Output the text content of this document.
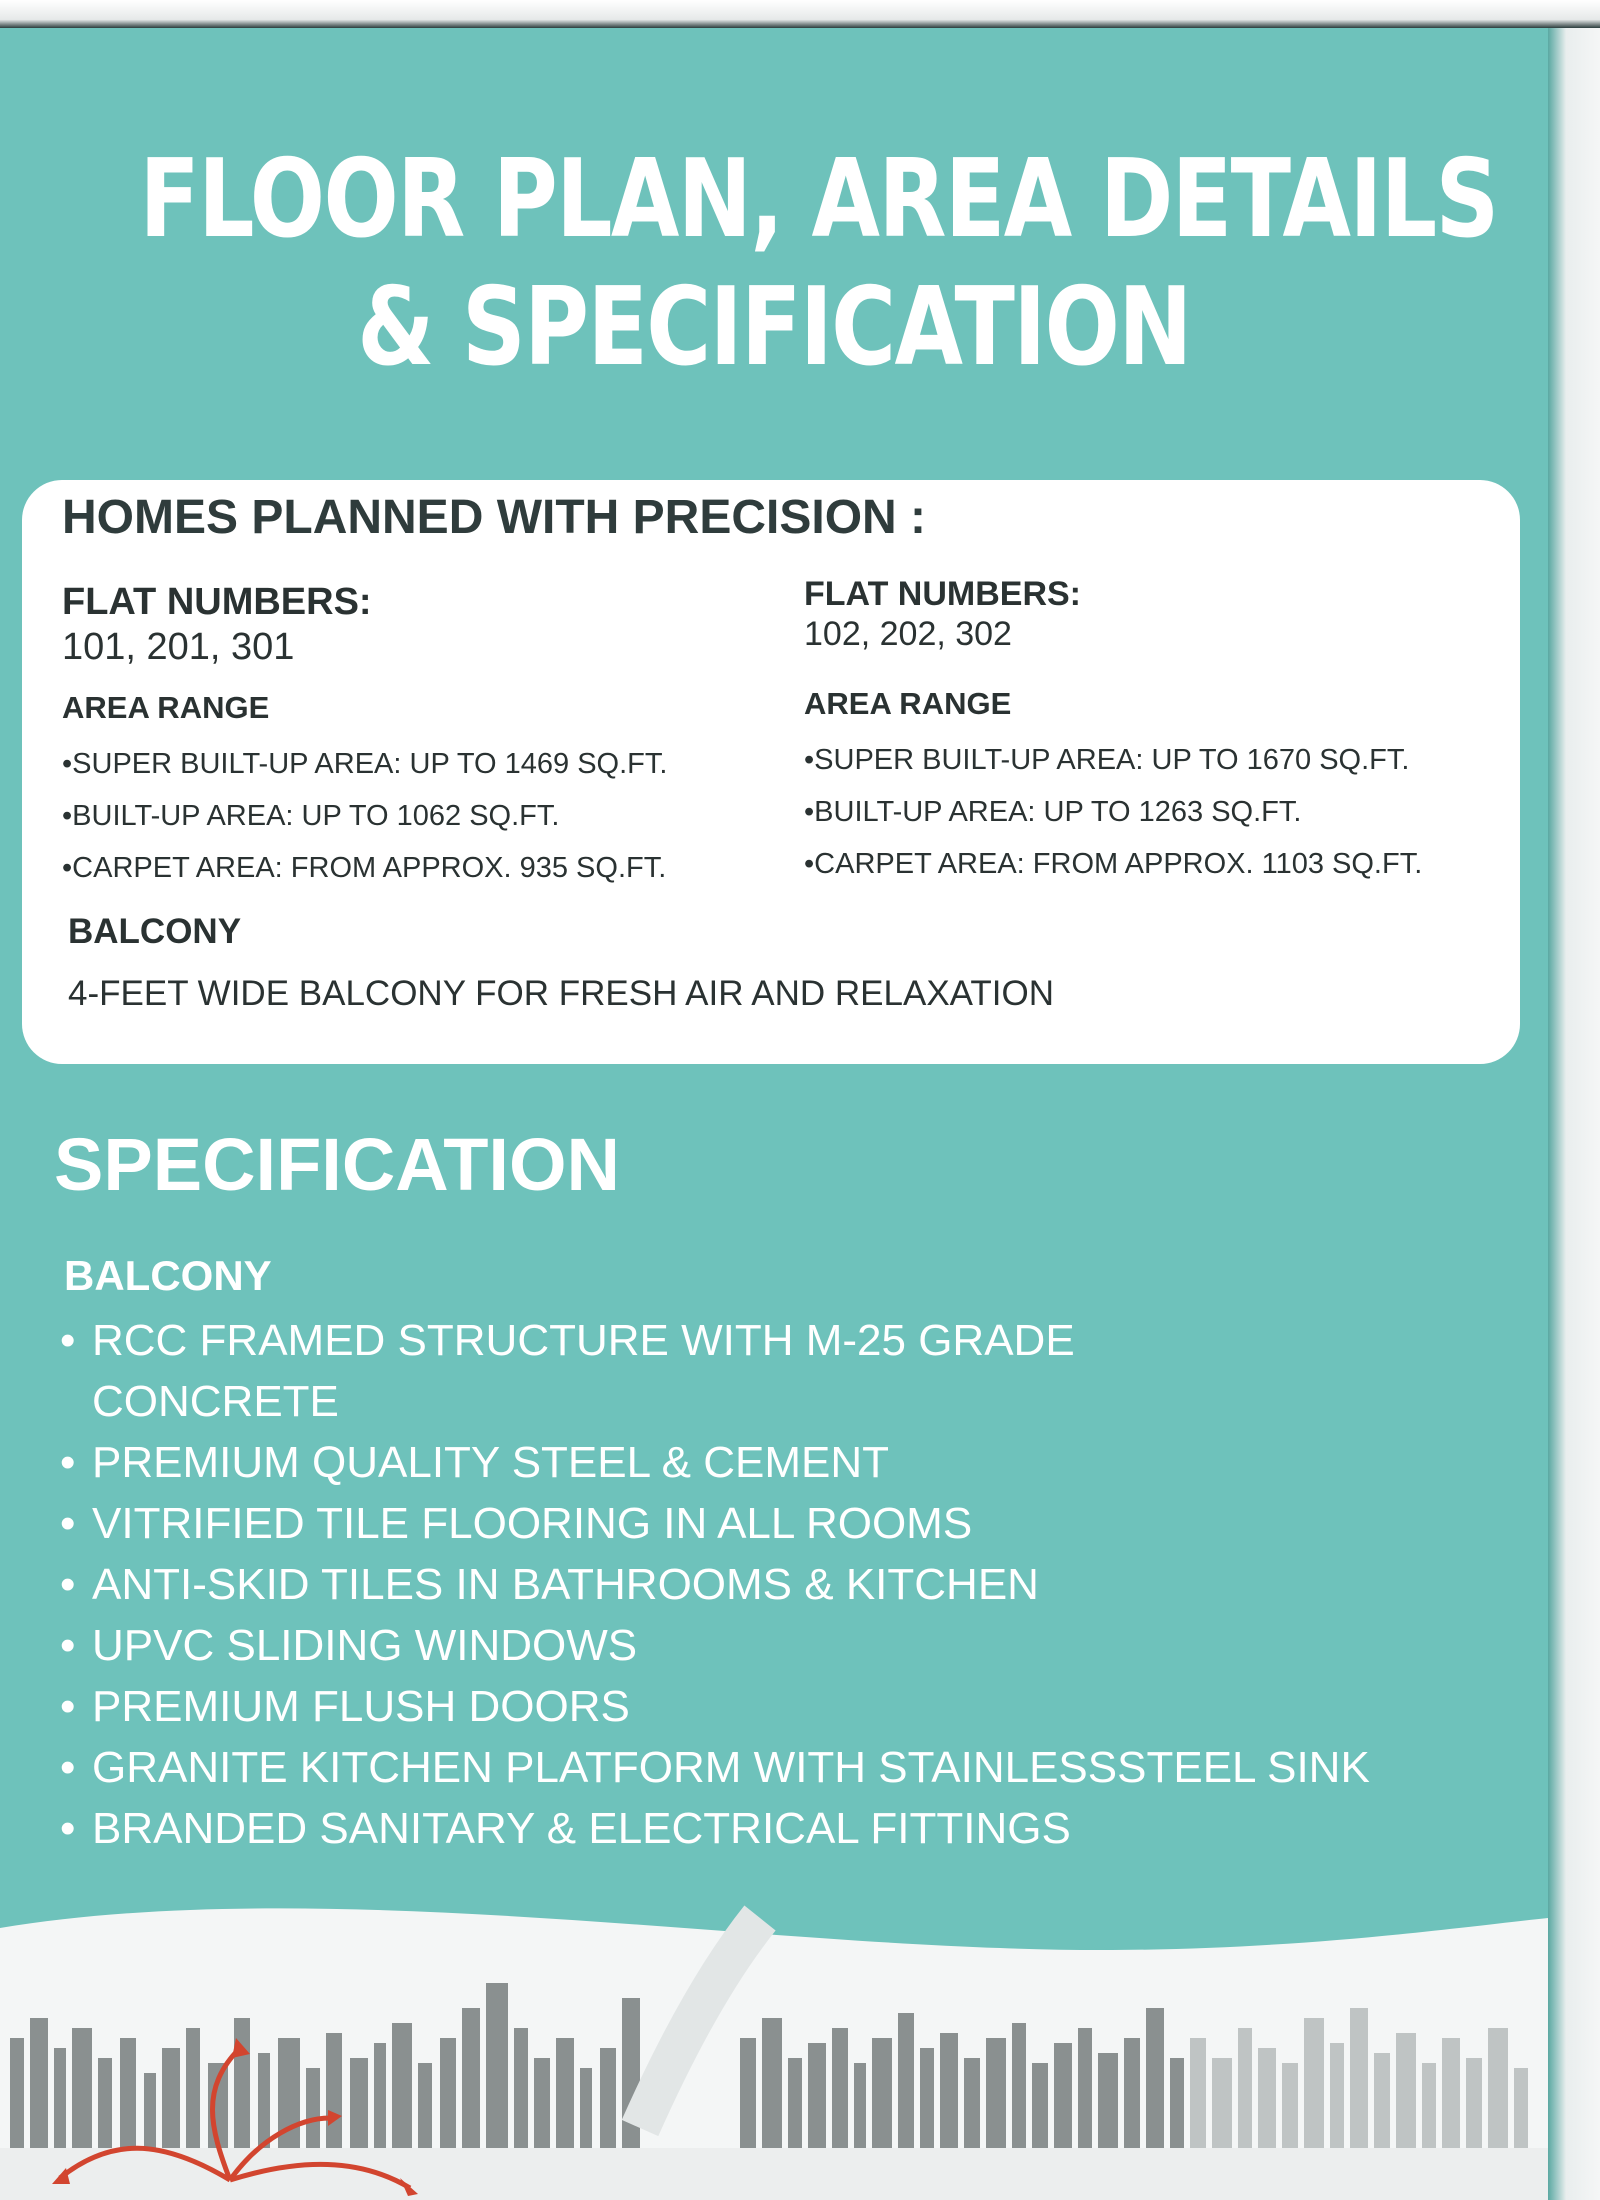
FLOOR PLAN, AREA DETAILS
& SPECIFICATION
HOMES PLANNED WITH PRECISION :
FLAT NUMBERS:
101, 201, 301
AREA RANGE
•SUPER BUILT-UP AREA: UP TO 1469 SQ.FT.
•BUILT-UP AREA: UP TO 1062 SQ.FT.
•CARPET AREA: FROM APPROX. 935 SQ.FT.
FLAT NUMBERS:
102, 202, 302
AREA RANGE
•SUPER BUILT-UP AREA: UP TO 1670 SQ.FT.
•BUILT-UP AREA: UP TO 1263 SQ.FT.
•CARPET AREA: FROM APPROX. 1103 SQ.FT.
BALCONY
4-FEET WIDE BALCONY FOR FRESH AIR AND RELAXATION
SPECIFICATION
BALCONY
• RCC FRAMED STRUCTURE WITH M-25 GRADE CONCRETE
• PREMIUM QUALITY STEEL & CEMENT
• VITRIFIED TILE FLOORING IN ALL ROOMS
• ANTI-SKID TILES IN BATHROOMS & KITCHEN
• UPVC SLIDING WINDOWS
• PREMIUM FLUSH DOORS
• GRANITE KITCHEN PLATFORM WITH STAINLESSSTEEL SINK
• BRANDED SANITARY & ELECTRICAL FITTINGS
